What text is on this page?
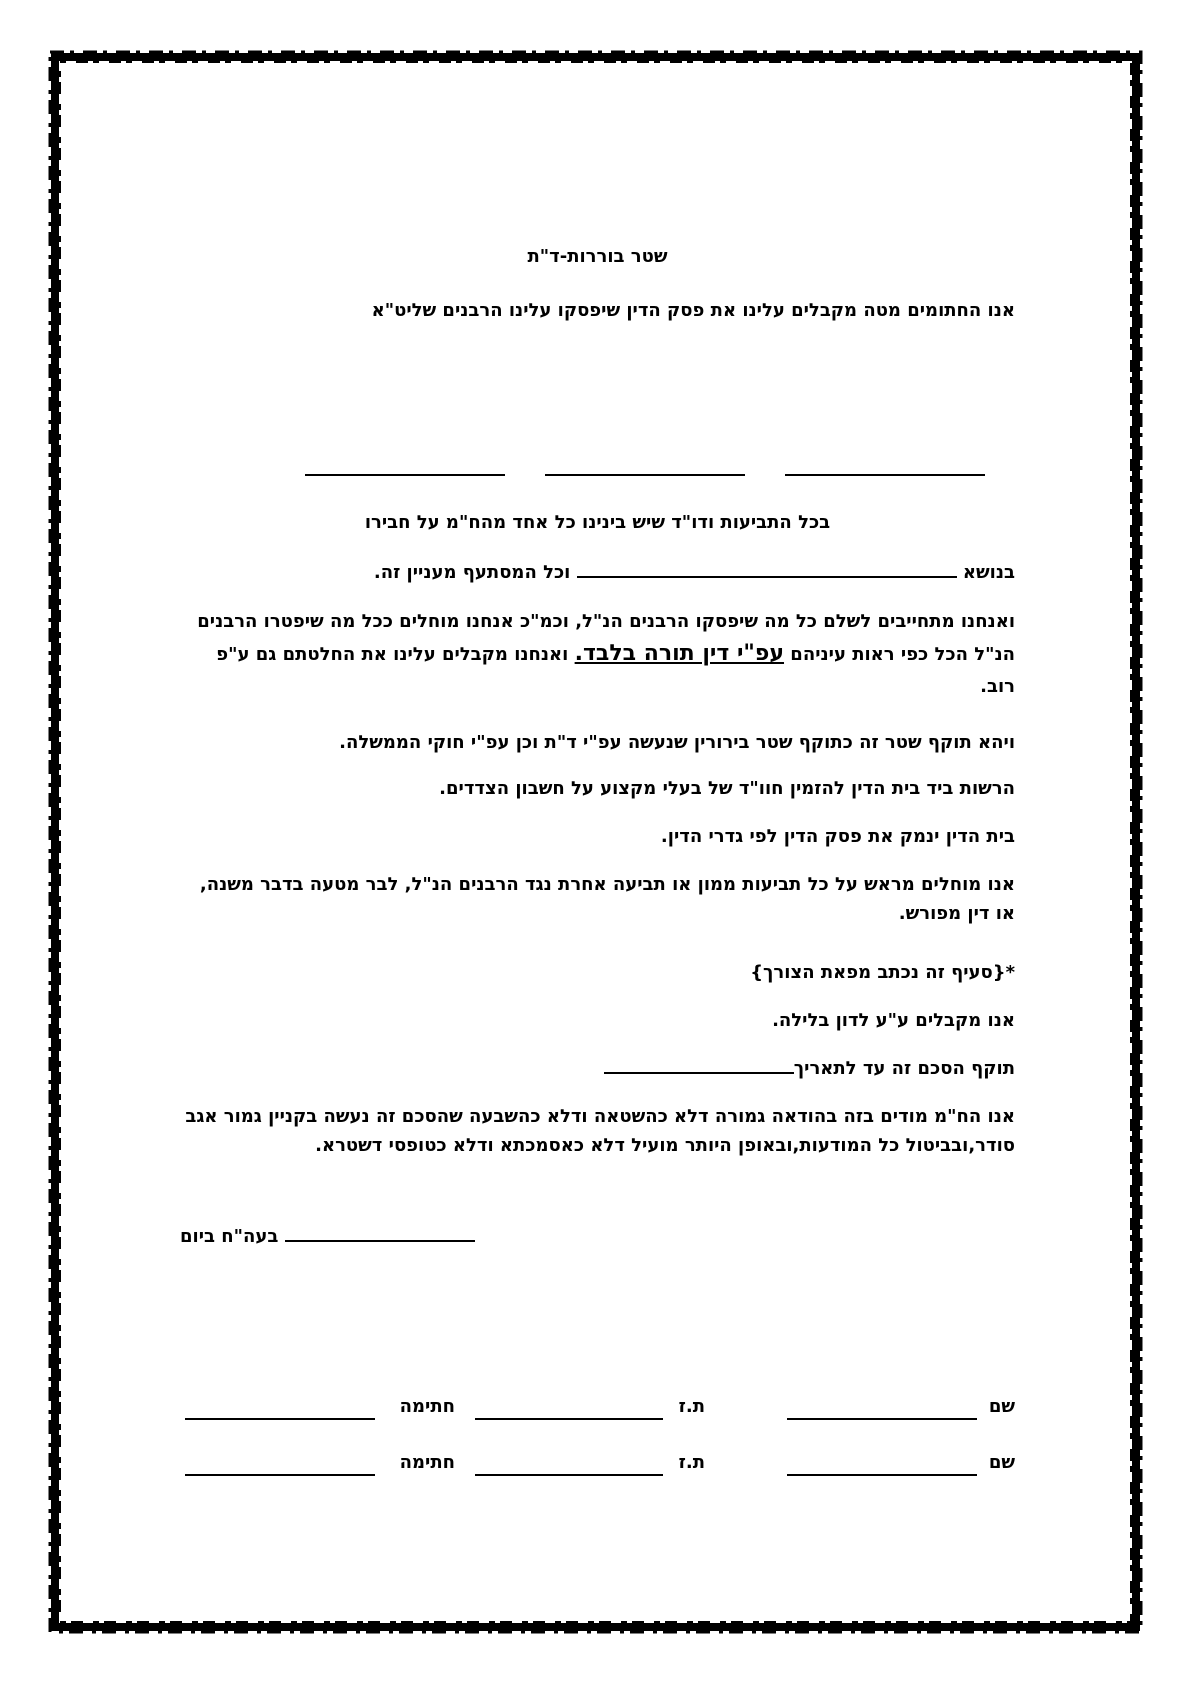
שטר בוררות-ד"ת
אנו החתומים מטה מקבלים עלינו את פסק הדין שיפסקו עלינו הרבנים שליט"א
בכל התביעות ודו"ד שיש בינינו כל אחד מהח"מ על חבירו
בנושא  וכל המסתעף מעניין זה.
ואנחנו מתחייבים לשלם כל מה שיפסקו הרבנים הנ"ל, וכמ"כ אנחנו מוחלים ככל מה שיפטרו הרבנים הנ"ל הכל כפי ראות עיניהם עפ"י דין תורה בלבד. ואנחנו מקבלים עלינו את החלטתם גם ע"פ רוב.
ויהא תוקף שטר זה כתוקף שטר בירורין שנעשה עפ"י ד"ת וכן עפ"י חוקי הממשלה.
הרשות ביד בית הדין להזמין חוו"ד של בעלי מקצוע על חשבון הצדדים.
בית הדין ינמק את פסק הדין לפי גדרי הדין.
אנו מוחלים מראש על כל תביעות ממון או תביעה אחרת נגד הרבנים הנ"ל, לבר מטעה בדבר משנה, או דין מפורש.
*{סעיף זה נכתב מפאת הצורך}
אנו מקבלים ע"ע לדון בלילה.
תוקף הסכם זה עד לתאריך
אנו הח"מ מודים בזה בהודאה גמורה דלא כהשטאה ודלא כהשבעה שהסכם זה נעשה בקניין גמור אגב סודר,ובביטול כל המודעות,ובאופן היותר מועיל דלא כאסמכתא ודלא כטופסי דשטרא.
בעה"ח ביום
שם
ת.ז
חתימה
שם
ת.ז
חתימה
